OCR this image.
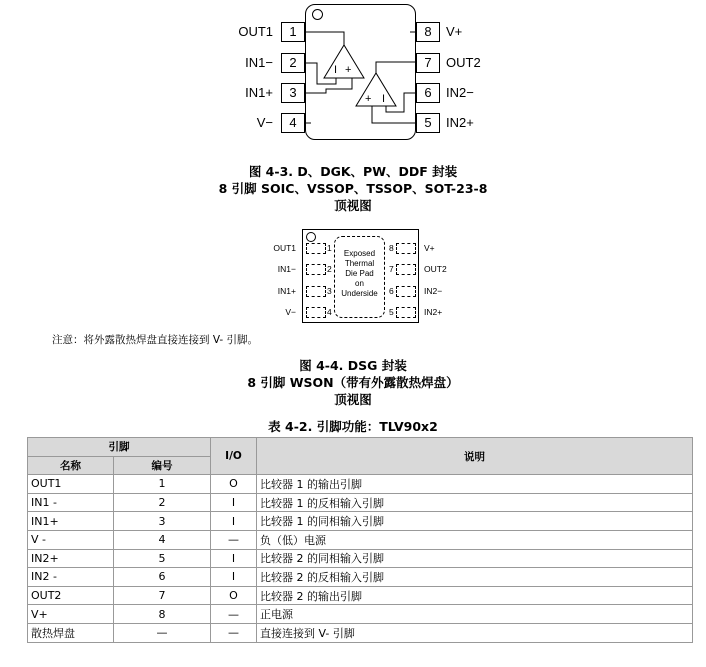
1
2
3
4
OUT1
IN1−
IN1+
V−
8
7
6
5
V+
OUT2
IN2−
IN2+
I +
+ I
图 4-3. D、DGK、PW、DDF 封装
8 引脚 SOIC、VSSOP、TSSOP、SOT-23-8
顶视图
1
2
3
4
8
7
6
5
Exposed
Thermal
Die Pad
on
Underside
OUT1
IN1−
IN1+
V−
V+
OUT2
IN2−
IN2+
注意：将外露散热焊盘直接连接到 V- 引脚。
图 4-4. DSG 封装
8 引脚 WSON（带有外露散热焊盘）
顶视图
表 4-2. 引脚功能：TLV90x2
引脚		I/O	说明
名称	编号		
OUT1	1	O	比较器 1 的输出引脚
IN1 -	2	I	比较器 1 的反相输入引脚
IN1+	3	I	比较器 1 的同相输入引脚
V -	4	—	负（低）电源
IN2+	5	I	比较器 2 的同相输入引脚
IN2 -	6	I	比较器 2 的反相输入引脚
OUT2	7	O	比较器 2 的输出引脚
V+	8	—	正电源
散热焊盘	—	—	直接连接到 V- 引脚
